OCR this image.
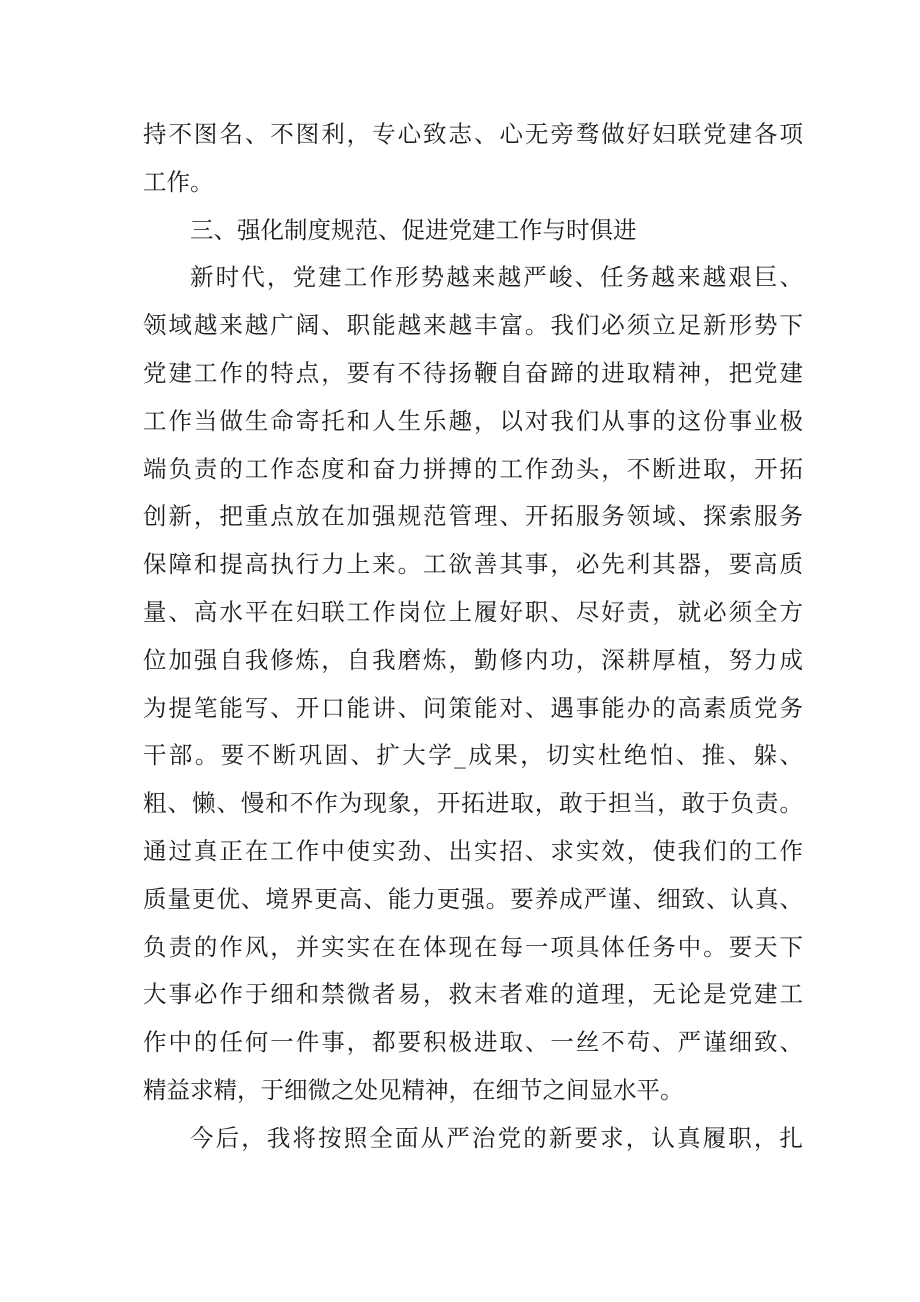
持不图名、不图利，专心致志、心无旁骛做好妇联党建各项
工作。
三、强化制度规范、促进党建工作与时俱进
新时代，党建工作形势越来越严峻、任务越来越艰巨、
领域越来越广阔、职能越来越丰富。我们必须立足新形势下
党建工作的特点，要有不待扬鞭自奋蹄的进取精神，把党建
工作当做生命寄托和人生乐趣，以对我们从事的这份事业极
端负责的工作态度和奋力拼搏的工作劲头，不断进取，开拓
创新，把重点放在加强规范管理、开拓服务领域、探索服务
保障和提高执行力上来。工欲善其事，必先利其器，要高质
量、高水平在妇联工作岗位上履好职、尽好责，就必须全方
位加强自我修炼，自我磨炼，勤修内功，深耕厚植，努力成
为提笔能写、开口能讲、问策能对、遇事能办的高素质党务
干部。要不断巩固、扩大学_成果，切实杜绝怕、推、躲、
粗、懒、慢和不作为现象，开拓进取，敢于担当，敢于负责。
通过真正在工作中使实劲、出实招、求实效，使我们的工作
质量更优、境界更高、能力更强。要养成严谨、细致、认真、
负责的作风，并实实在在体现在每一项具体任务中。要天下
大事必作于细和禁微者易，救末者难的道理，无论是党建工
作中的任何一件事，都要积极进取、一丝不苟、严谨细致、
精益求精，于细微之处见精神，在细节之间显水平。
今后，我将按照全面从严治党的新要求，认真履职，扎
